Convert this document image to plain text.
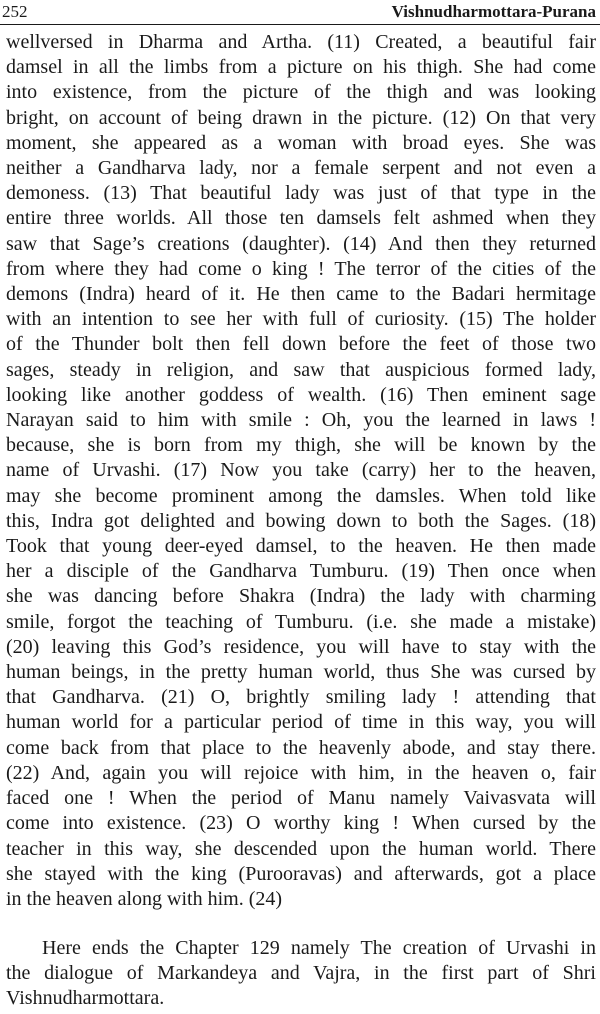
252	Vishnudharmottara-Purana
wellversed in Dharma and Artha. (11) Created, a beautiful fair
damsel in all the limbs from a picture on his thigh. She had come
into existence, from the picture of the thigh and was looking
bright, on account of being drawn in the picture. (12) On that very
moment, she appeared as a woman with broad eyes. She was
neither a Gandharva lady, nor a female serpent and not even a
demoness. (13) That beautiful lady was just of that type in the
entire three worlds. All those ten damsels felt ashmed when they
saw that Sage’s creations (daughter). (14) And then they returned
from where they had come o king ! The terror of the cities of the
demons (Indra) heard of it. He then came to the Badari hermitage
with an intention to see her with full of curiosity. (15) The holder
of the Thunder bolt then fell down before the feet of those two
sages, steady in religion, and saw that auspicious formed lady,
looking like another goddess of wealth. (16) Then eminent sage
Narayan said to him with smile : Oh, you the learned in laws !
because, she is born from my thigh, she will be known by the
name of Urvashi. (17) Now you take (carry) her to the heaven,
may she become prominent among the damsles. When told like
this, Indra got delighted and bowing down to both the Sages. (18)
Took that young deer-eyed damsel, to the heaven. He then made
her a disciple of the Gandharva Tumburu. (19) Then once when
she was dancing before Shakra (Indra) the lady with charming
smile, forgot the teaching of Tumburu. (i.e. she made a mistake)
(20) leaving this God’s residence, you will have to stay with the
human beings, in the pretty human world, thus She was cursed by
that Gandharva. (21) O, brightly smiling lady ! attending that
human world for a particular period of time in this way, you will
come back from that place to the heavenly abode, and stay there.
(22) And, again you will rejoice with him, in the heaven o, fair
faced one ! When the period of Manu namely Vaivasvata will
come into existence. (23) O worthy king ! When cursed by the
teacher in this way, she descended upon the human world. There
she stayed with the king (Purooravas) and afterwards, got a place
in the heaven along with him. (24)
Here ends the Chapter 129 namely The creation of Urvashi in
the dialogue of Markandeya and Vajra, in the first part of Shri
Vishnudharmottara.
